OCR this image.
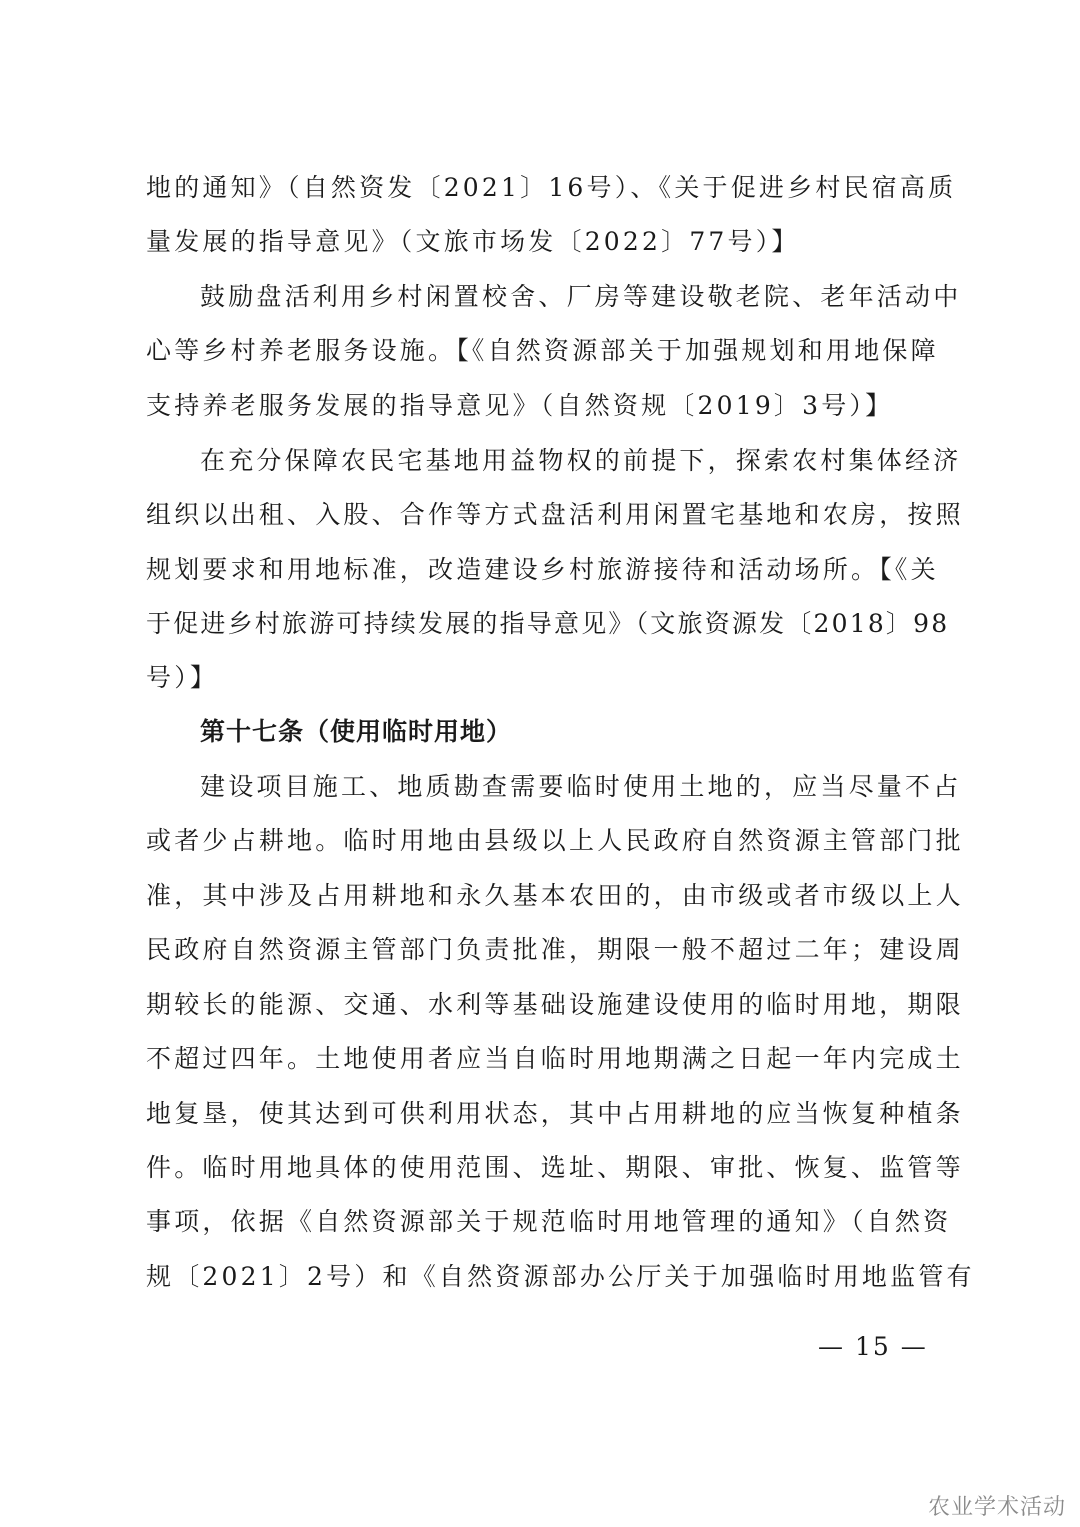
地的通知》（自然资发〔2021〕16号）、《关于促进乡村民宿高质
量发展的指导意见》（文旅市场发〔2022〕77号）】
鼓励盘活利用乡村闲置校舍、厂房等建设敬老院、老年活动中
心等乡村养老服务设施。【《自然资源部关于加强规划和用地保障
支持养老服务发展的指导意见》（自然资规〔2019〕3号）】
在充分保障农民宅基地用益物权的前提下，探索农村集体经济
组织以出租、入股、合作等方式盘活利用闲置宅基地和农房，按照
规划要求和用地标准，改造建设乡村旅游接待和活动场所。【《关
于促进乡村旅游可持续发展的指导意见》（文旅资源发〔2018〕98
号）】
第十七条（使用临时用地）
建设项目施工、地质勘查需要临时使用土地的，应当尽量不占
或者少占耕地。临时用地由县级以上人民政府自然资源主管部门批
准，其中涉及占用耕地和永久基本农田的，由市级或者市级以上人
民政府自然资源主管部门负责批准，期限一般不超过二年；建设周
期较长的能源、交通、水利等基础设施建设使用的临时用地，期限
不超过四年。土地使用者应当自临时用地期满之日起一年内完成土
地复垦，使其达到可供利用状态，其中占用耕地的应当恢复种植条
件。临时用地具体的使用范围、选址、期限、审批、恢复、监管等
事项，依据《自然资源部关于规范临时用地管理的通知》（自然资
规〔2021〕2号）和《自然资源部办公厅关于加强临时用地监管有
— 15 —
农业学术活动
